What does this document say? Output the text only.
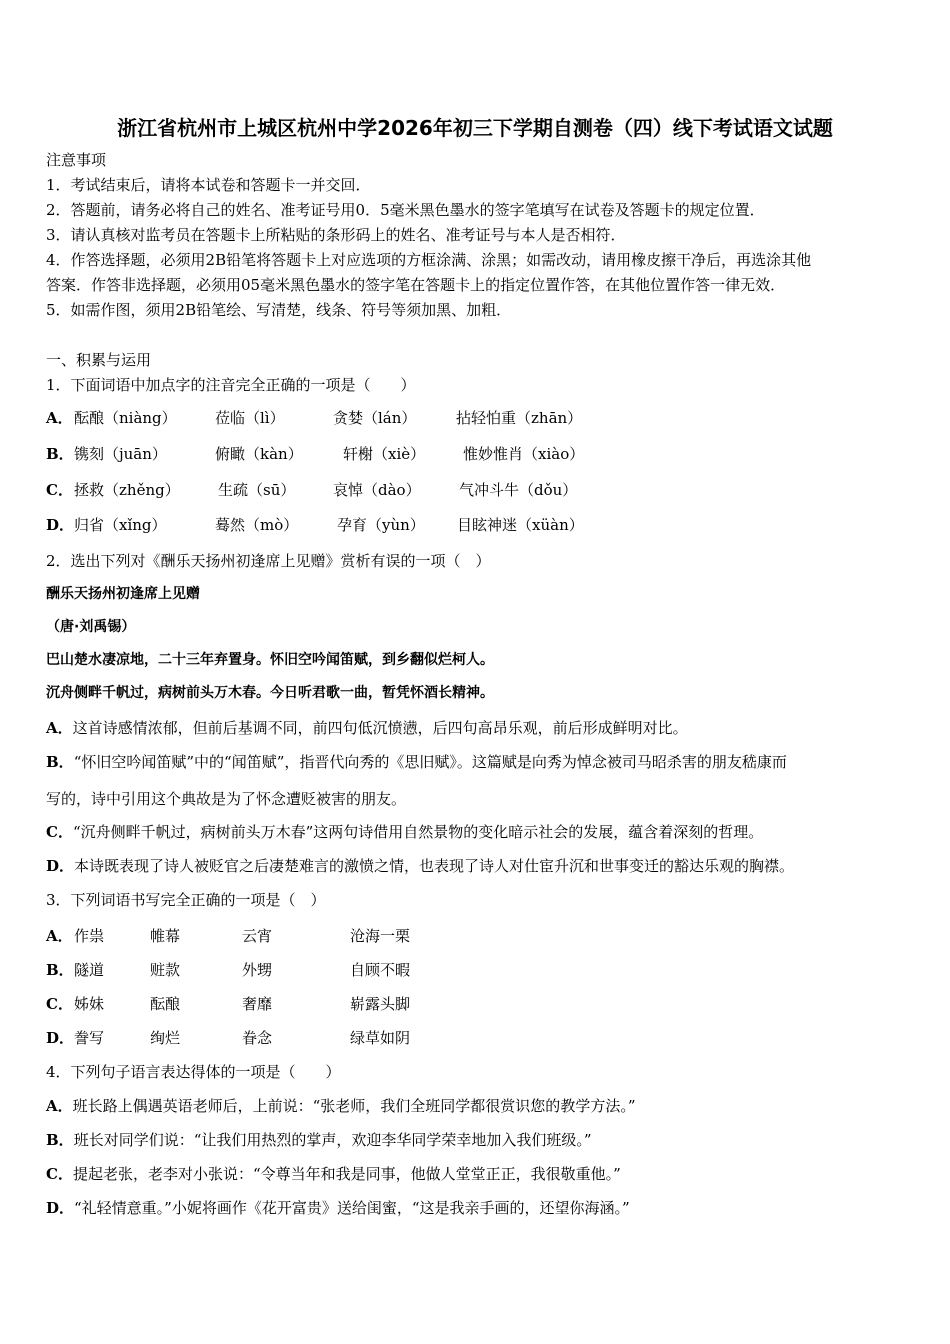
浙江省杭州市上城区杭州中学2026年初三下学期自测卷（四）线下考试语文试题
注意事项
1．考试结束后，请将本试卷和答题卡一并交回．
2．答题前，请务必将自己的姓名、准考证号用0．5毫米黑色墨水的签字笔填写在试卷及答题卡的规定位置．
3．请认真核对监考员在答题卡上所粘贴的条形码上的姓名、准考证号与本人是否相符．
4．作答选择题，必须用2B铅笔将答题卡上对应选项的方框涂满、涂黑；如需改动，请用橡皮擦干净后，再选涂其他
答案．作答非选择题，必须用05毫米黑色墨水的签字笔在答题卡上的指定位置作答，在其他位置作答一律无效．
5．如需作图，须用2B铅笔绘、写清楚，线条、符号等须加黑、加粗．
一、积累与运用
1．下面词语中加点字的注音完全正确的一项是（　　）
A． 酝酿（niàng）	莅临（lì）	贪婪（lán）	拈轻怕重（zhān）
B． 镌刻（juān）	俯瞰（kàn）	轩榭（xiè）	惟妙惟肖（xiào）
C． 拯救（zhěng）	生疏（sū）	哀悼（dào）	气冲斗牛（dǒu）
D． 归省（xǐng）	蓦然（mò）	孕育（yùn） 目眩神迷（xüàn）
2．选出下列对《酬乐天扬州初逢席上见赠》赏析有误的一项（　）
酬乐天扬州初逢席上见赠
（唐·刘禹锡）
巴山楚水凄凉地，二十三年弃置身。怀旧空吟闻笛赋，到乡翻似烂柯人。
沉舟侧畔千帆过，病树前头万木春。今日听君歌一曲，暂凭怀酒长精神。
A．这首诗感情浓郁，但前后基调不同，前四句低沉愤懑，后四句高昂乐观，前后形成鲜明对比。
B．“怀旧空吟闻笛赋”中的“闻笛赋”，指晋代向秀的《思旧赋》。这篇赋是向秀为悼念被司马昭杀害的朋友嵇康而
写的，诗中引用这个典故是为了怀念遭贬被害的朋友。
C．“沉舟侧畔千帆过，病树前头万木春”这两句诗借用自然景物的变化暗示社会的发展，蕴含着深刻的哲理。
D．本诗既表现了诗人被贬官之后凄楚难言的激愤之情，也表现了诗人对仕宦升沉和世事变迁的豁达乐观的胸襟。
3．下列词语书写完全正确的一项是（　）
A． 作祟	帷幕	云宵	沧海一栗
B． 隧道	赃款	外甥	自顾不暇
C． 姊妹	酝酿	奢靡	崭露头脚
D． 誊写	绚烂	眷念	绿草如阴
4．下列句子语言表达得体的一项是（　　）
A．班长路上偶遇英语老师后，上前说：“张老师，我们全班同学都很赏识您的教学方法。”
B．班长对同学们说：“让我们用热烈的掌声，欢迎李华同学荣幸地加入我们班级。”
C．提起老张，老李对小张说：“令尊当年和我是同事，他做人堂堂正正，我很敬重他。”
D．“礼轻情意重。”小妮将画作《花开富贵》送给闺蜜，“这是我亲手画的，还望你海涵。”
